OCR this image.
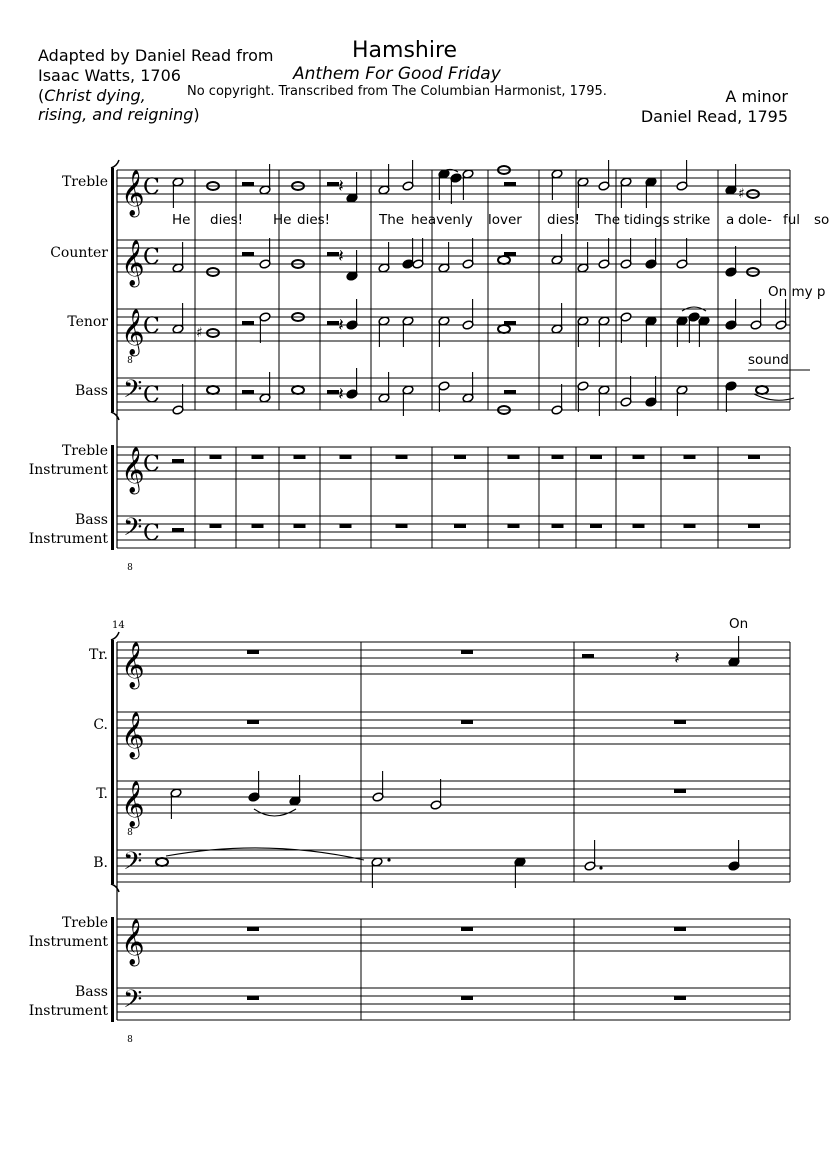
Hamshire
Anthem For Good Friday
No copyright. Transcribed from The Columbian Harmonist, 1795.
Adapted by Daniel Read from
Isaac Watts, 1706
(Christ dying,
rising, and reigning)
A minor
Daniel Read, 1795
Treble
Counter
Tenor
Bass
Treble
Instrument
Bass
Instrument
Tr.
C.
T.
B.
Treble
Instrument
Bass
Instrument
14
He dies! He dies!	The heavenly lover dies! The tidings strike a dole - ful so
On my p
sound
On
𝄞
C
𝄞
C
𝄞
C
𝄞
C
𝄢 C
𝄢 C
8
8
𝄽	♯
𝄽
𝄽
♯
𝄽
𝄞
𝄞
𝄞
𝄞
𝄢
𝄢
8
8
𝄽
